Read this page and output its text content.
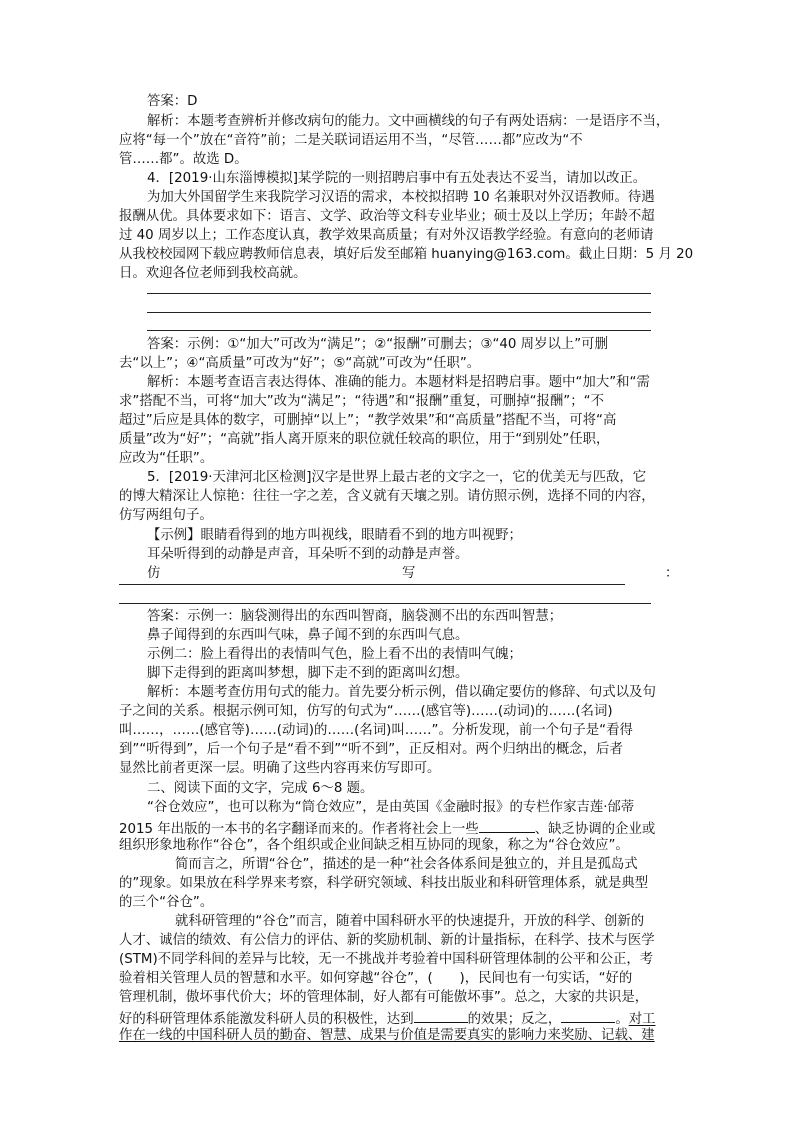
答案：D
解析：本题考查辨析并修改病句的能力。文中画横线的句子有两处语病：一是语序不当，
应将“每一个”放在“音符”前；二是关联词语运用不当，“尽管……都”应改为“不
管……都”。故选 D。
4．[2019·山东淄博模拟]某学院的一则招聘启事中有五处表达不妥当，请加以改正。
为加大外国留学生来我院学习汉语的需求，本校拟招聘 10 名兼职对外汉语教师。待遇
报酬从优。具体要求如下：语言、文学、政治等文科专业毕业；硕士及以上学历；年龄不超
过 40 周岁以上；工作态度认真，教学效果高质量；有对外汉语教学经验。有意向的老师请
从我校校园网下载应聘教师信息表，填好后发至邮箱 huanying@163.com。截止日期：5 月 20
日。欢迎各位老师到我校高就。
答案：示例：①“加大”可改为“满足”；②“报酬”可删去；③“40 周岁以上”可删
去“以上”；④“高质量”可改为“好”；⑤“高就”可改为“任职”。
解析：本题考查语言表达得体、准确的能力。本题材料是招聘启事。题中“加大”和“需
求”搭配不当，可将“加大”改为“满足”；“待遇”和“报酬”重复，可删掉“报酬”；“不
超过”后应是具体的数字，可删掉“以上”；“教学效果”和“高质量”搭配不当，可将“高
质量”改为“好”；“高就”指人离开原来的职位就任较高的职位，用于“到别处”任职，
应改为“任职”。
5．[2019·天津河北区检测]汉字是世界上最古老的文字之一，它的优美无与匹敌，它
的博大精深让人惊艳：往往一字之差，含义就有天壤之别。请仿照示例，选择不同的内容，
仿写两组句子。
【示例】眼睛看得到的地方叫视线，眼睛看不到的地方叫视野；
耳朵听得到的动静是声音，耳朵听不到的动静是声誉。
仿	写	：
答案：示例一：脑袋测得出的东西叫智商，脑袋测不出的东西叫智慧；
鼻子闻得到的东西叫气味，鼻子闻不到的东西叫气息。
示例二：脸上看得出的表情叫气色，脸上看不出的表情叫气魄；
脚下走得到的距离叫梦想，脚下走不到的距离叫幻想。
解析：本题考查仿用句式的能力。首先要分析示例，借以确定要仿的修辞、句式以及句
子之间的关系。根据示例可知，仿写的句式为“……(感官等)……(动词)的……(名词)
叫……，……(感官等)……(动词)的……(名词)叫……”。分析发现，前一个句子是“看得
到”“听得到”，后一个句子是“看不到”“听不到”，正反相对。两个归纳出的概念，后者
显然比前者更深一层。明确了这些内容再来仿写即可。
二、阅读下面的文字，完成 6～8 题。
“谷仓效应”，也可以称为“筒仓效应”，是由英国《金融时报》的专栏作家吉莲·邰蒂
2015 年出版的一本书的名字翻译而来的。作者将社会上一些	、缺乏协调的企业或
组织形象地称作“谷仓”，各个组织或企业间缺乏相互协同的现象，称之为“谷仓效应”。
简而言之，所谓“谷仓”，描述的是一种“社会各体系间是独立的，并且是孤岛式
的”现象。如果放在科学界来考察，科学研究领域、科技出版业和科研管理体系，就是典型
的三个“谷仓”。
就科研管理的“谷仓”而言，随着中国科研水平的快速提升，开放的科学、创新的
人才、诚信的绩效、有公信力的评估、新的奖励机制、新的计量指标，在科学、技术与医学
(STM)不同学科间的差异与比较，无一不挑战并考验着中国科研管理体制的公平和公正，考
验着相关管理人员的智慧和水平。如何穿越“谷仓”，(　　)，民间也有一句实话，“好的
管理机制，傲坏事代价大；坏的管理体制，好人都有可能傲坏事”。总之，大家的共识是，
好的科研管理体系能激发科研人员的积极性，达到	的效果；反之，	。对工
作在一线的中国科研人员的勤奋、智慧、成果与价值是需要真实的影响力来奖励、记载、建
